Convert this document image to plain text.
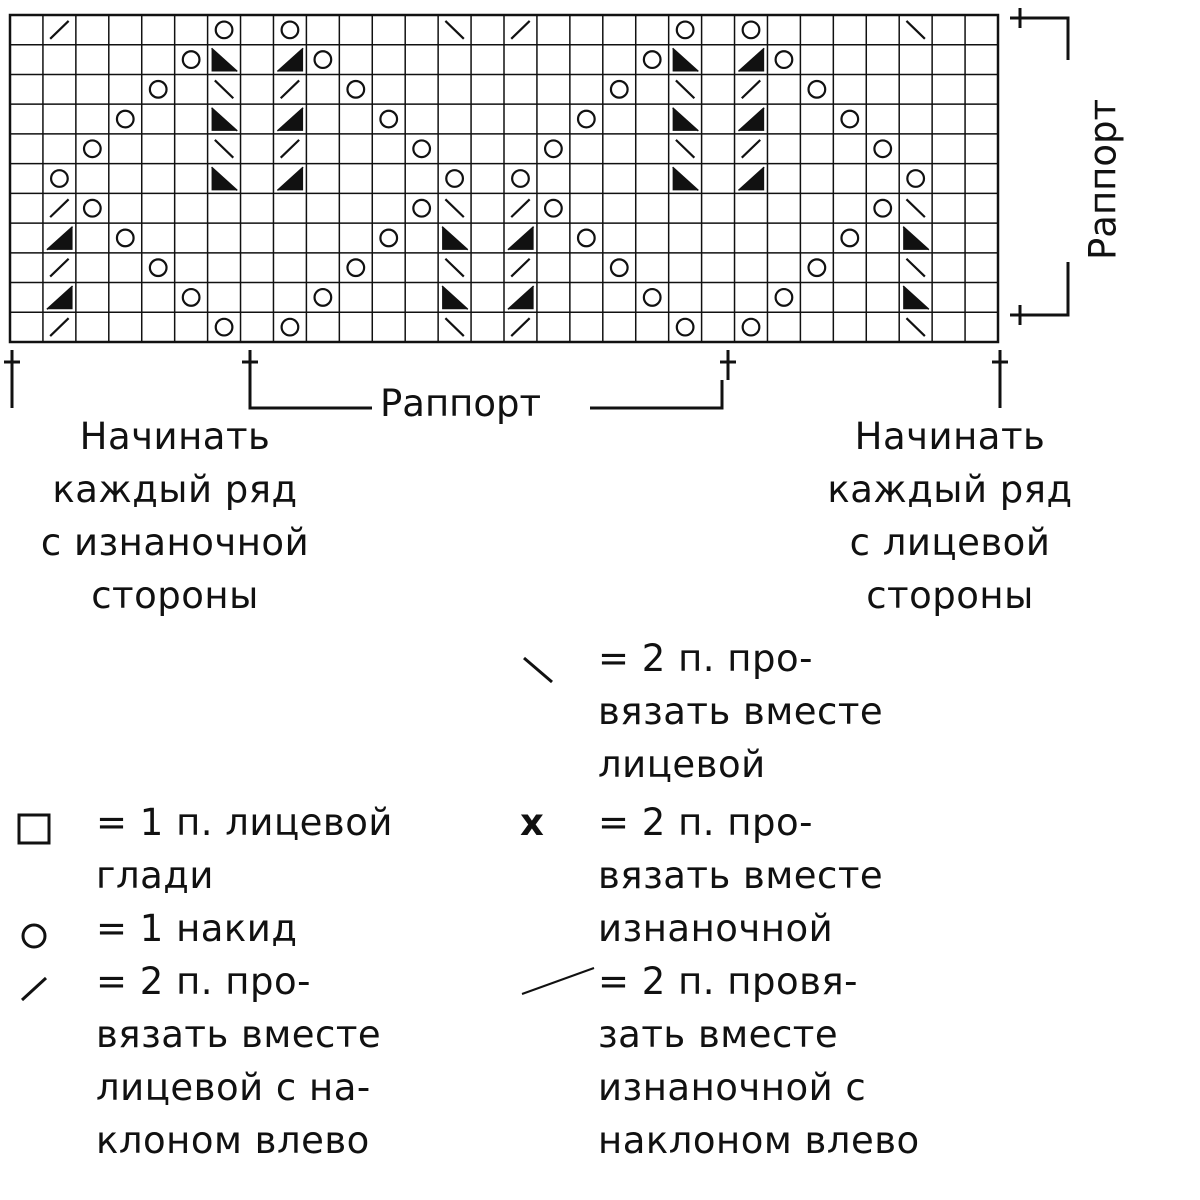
Раппорт
Раппорт
Начинать
каждый ряд
с изнаночной
стороны
Начинать
каждый ряд
с лицевой
стороны
x
= 2 п. про-
вязать вместе
лицевой
= 1 п. лицевой
глади
= 2 п. про-
вязать вместе
изнаночной
= 1 накид
= 2 п. про-
вязать вместе
лицевой с на-
клоном влево
= 2 п. провя-
зать вместе
изнаночной с
наклоном влево
